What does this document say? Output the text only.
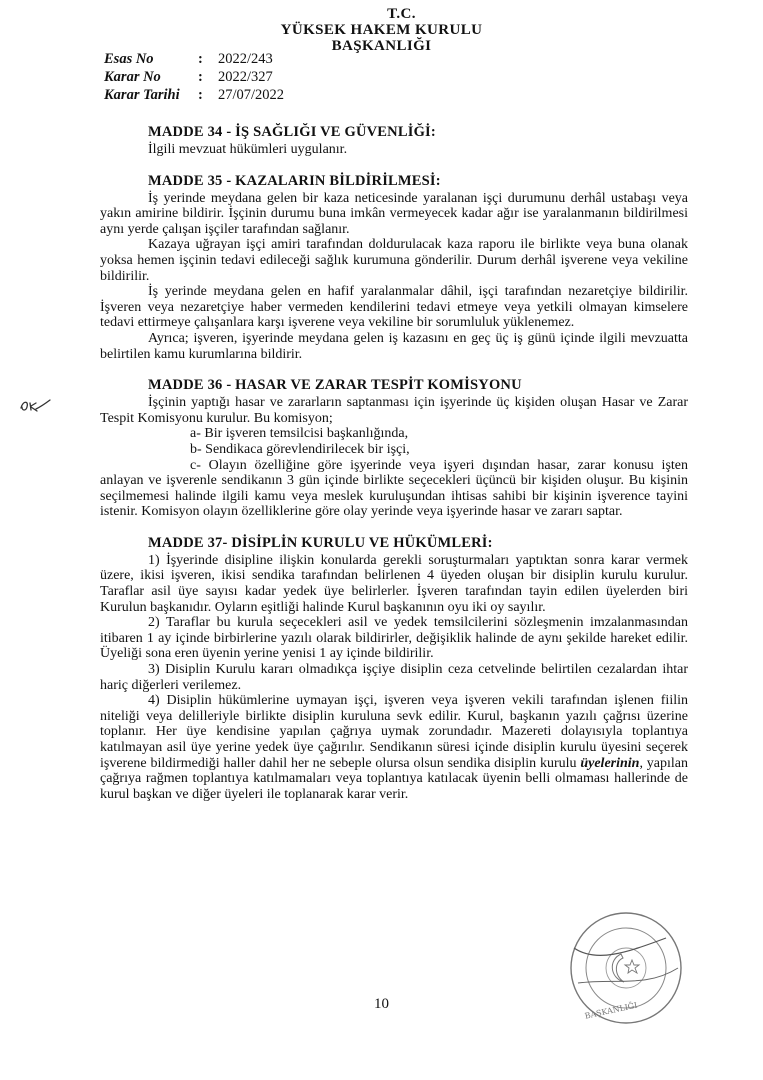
T.C.
YÜKSEK HAKEM KURULU
BAŞKANLIĞI
Esas No	:	2022/243
Karar No	:	2022/327
Karar Tarihi	:	27/07/2022
MADDE 34 - İŞ SAĞLIĞI VE GÜVENLİĞİ:

İlgili mevzuat hükümleri uygulanır.

MADDE 35 - KAZALARIN BİLDİRİLMESİ:

İş yerinde meydana gelen bir kaza neticesinde yaralanan işçi durumunu derhâl ustabaşı veya yakın amirine bildirir. İşçinin durumu buna imkân vermeyecek kadar ağır ise yaralanmanın bildirilmesi aynı yerde çalışan işçiler tarafından sağlanır.

Kazaya uğrayan işçi amiri tarafından doldurulacak kaza raporu ile birlikte veya buna olanak yoksa hemen işçinin tedavi edileceği sağlık kurumuna gönderilir. Durum derhâl işverene veya vekiline bildirilir.

İş yerinde meydana gelen en hafif yaralanmalar dâhil, işçi tarafından nezaretçiye bildirilir. İşveren veya nezaretçiye haber vermeden kendilerini tedavi etmeye veya yetkili olmayan kimselere tedavi ettirmeye çalışanlara karşı işverene veya vekiline bir sorumluluk yüklenemez.

Ayrıca; işveren, işyerinde meydana gelen iş kazasını en geç üç iş günü içinde ilgili mevzuatta belirtilen kamu kurumlarına bildirir.

MADDE 36 - HASAR VE ZARAR TESPİT KOMİSYONU

İşçinin yaptığı hasar ve zararların saptanması için işyerinde üç kişiden oluşan Hasar ve Zarar Tespit Komisyonu kurulur. Bu komisyon;

a- Bir işveren temsilcisi başkanlığında,

b- Sendikaca görevlendirilecek bir işçi,

c- Olayın özelliğine göre işyerinde veya işyeri dışından hasar, zarar konusu işten anlayan ve işverenle sendikanın 3 gün içinde birlikte seçecekleri üçüncü bir kişiden oluşur. Bu kişinin seçilmemesi halinde ilgili kamu veya meslek kuruluşundan ihtisas sahibi bir kişinin işverence tayini istenir. Komisyon olayın özelliklerine göre olay yerinde veya işyerinde hasar ve zararı saptar.

MADDE 37- DİSİPLİN KURULU VE HÜKÜMLERİ:

1) İşyerinde disipline ilişkin konularda gerekli soruşturmaları yaptıktan sonra karar vermek üzere, ikisi işveren, ikisi sendika tarafından belirlenen 4 üyeden oluşan bir disiplin kurulu kurulur. Taraflar asil üye sayısı kadar yedek üye belirlerler. İşveren tarafından tayin edilen üyelerden biri Kurulun başkanıdır. Oyların eşitliği halinde Kurul başkanının oyu iki oy sayılır.

2) Taraflar bu kurula seçecekleri asil ve yedek temsilcilerini sözleşmenin imzalanmasından itibaren 1 ay içinde birbirlerine yazılı olarak bildirirler, değişiklik halinde de aynı şekilde hareket edilir. Üyeliği sona eren üyenin yerine yenisi 1 ay içinde bildirilir.

3) Disiplin Kurulu kararı olmadıkça işçiye disiplin ceza cetvelinde belirtilen cezalardan ihtar hariç diğerleri verilemez.

4) Disiplin hükümlerine uymayan işçi, işveren veya işveren vekili tarafından işlenen fiilin niteliği veya delilleriyle birlikte disiplin kuruluna sevk edilir. Kurul, başkanın yazılı çağrısı üzerine toplanır. Her üye kendisine yapılan çağrıya uymak zorundadır. Mazereti dolayısıyla toplantıya katılmayan asil üye yerine yedek üye çağırılır. Sendikanın süresi içinde disiplin kurulu üyesini seçerek işverene bildirmediği haller dahil her ne sebeple olursa olsun sendika disiplin kurulu üyelerinin, yapılan çağrıya rağmen toplantıya katılmamaları veya toplantıya katılacak üyenin belli olmaması hallerinde de kurul başkan ve diğer üyeleri ile toplanarak karar verir.

10	BAŞKANLIĞI
